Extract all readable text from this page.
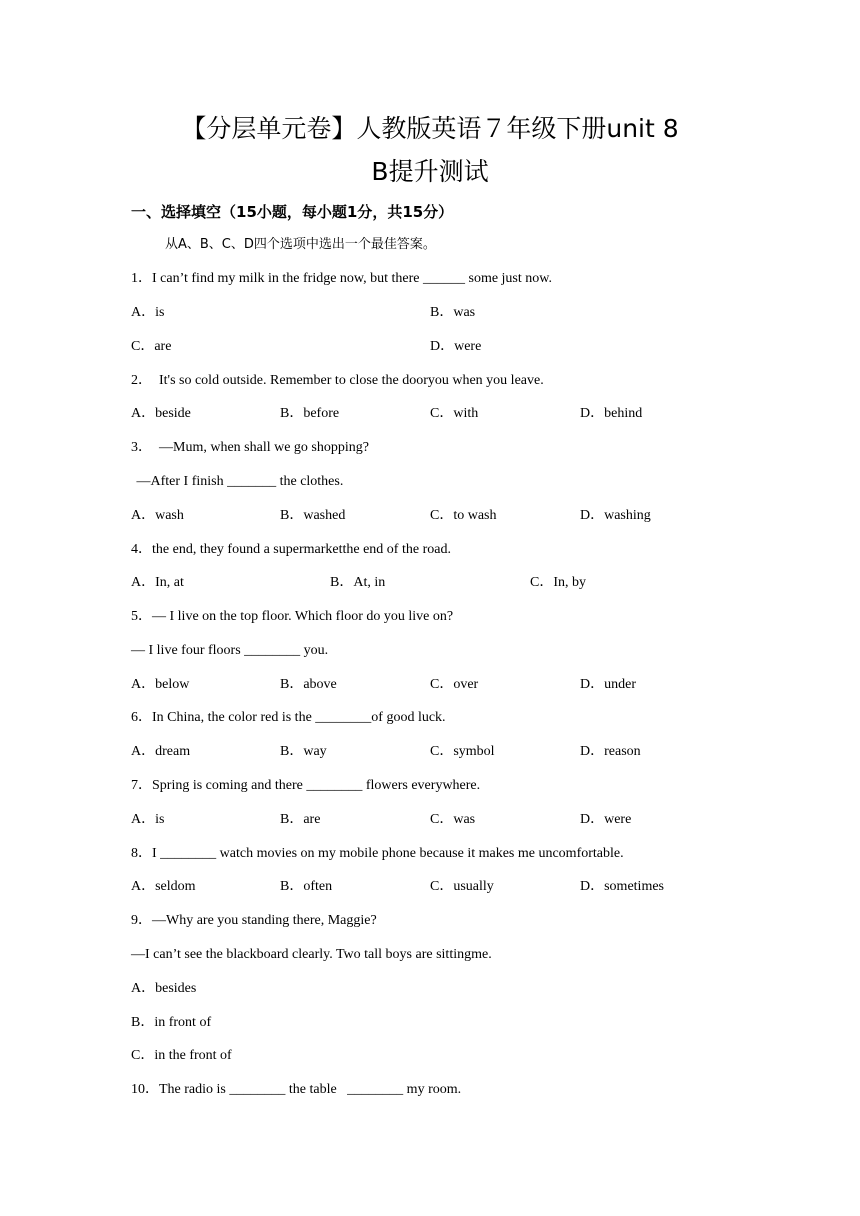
【分层单元卷】人教版英语７年级下册unit 8
B提升测试
一、选择填空（15小题，每小题1分，共15分）
从A、B、C、D四个选项中选出一个最佳答案。
1．I can’t find my milk in the fridge now, but there ______ some just now.
A．is	B．was
C．are	D．were
2．  It's so cold outside. Remember to close the dooryou when you leave.
A．beside	B．before	C．with	D．behind
3．  —Mum, when shall we go shopping?
—After I finish _______ the clothes.
A．wash	B．washed	C．to wash	D．washing
4．the end, they found a supermarketthe end of the road.
A．In, at	B．At, in	C．In, by
5．— I live on the top floor. Which floor do you live on?
— I live four floors ________ you.
A．below	B．above	C．over	D．under
6．In China, the color red is the ________of good luck.
A．dream	B．way	C．symbol	D．reason
7．Spring is coming and there ________ flowers everywhere.
A．is	B．are	C．was	D．were
8．I ________ watch movies on my mobile phone because it makes me uncomfortable.
A．seldom	B．often	C．usually	D．sometimes
9．—Why are you standing there, Maggie?
—I can’t see the blackboard clearly. Two tall boys are sittingme.
A．besides
B．in front of
C．in the front of
10．The radio is ________ the table   ________ my room.
